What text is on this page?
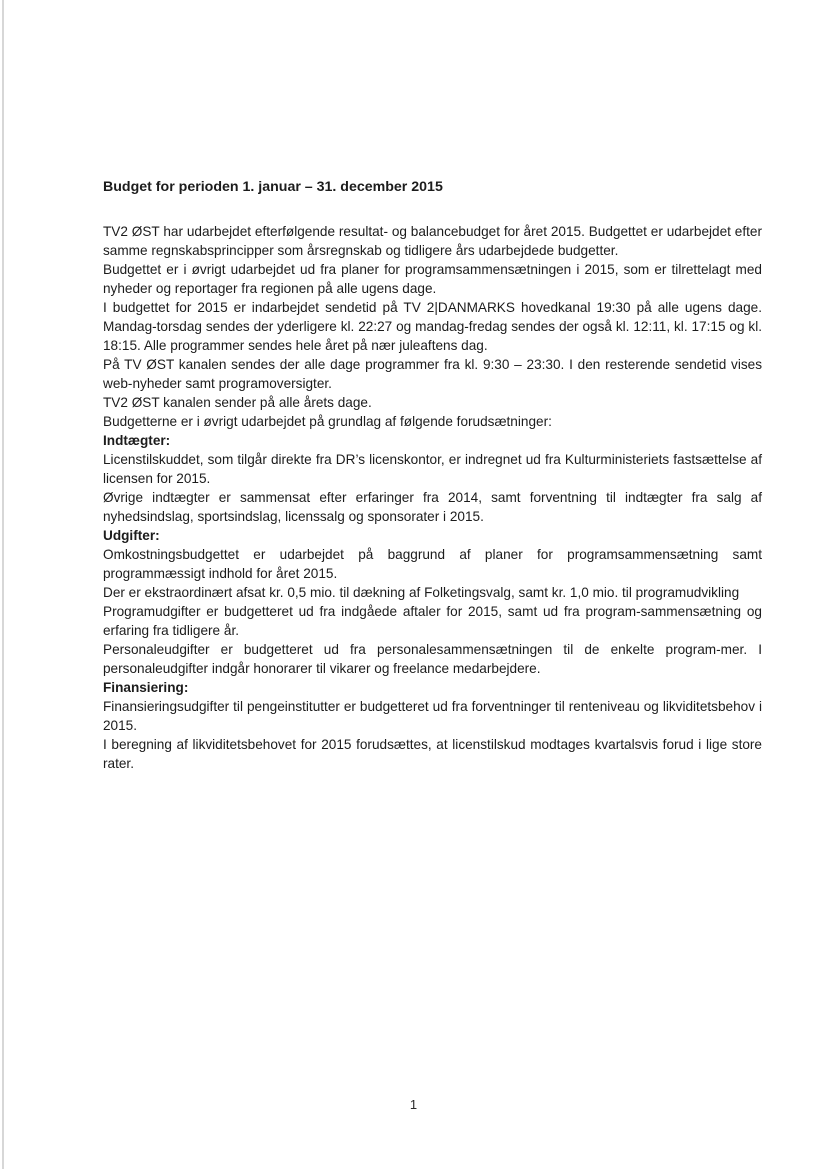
Budget for perioden 1. januar – 31. december 2015

TV2 ØST har udarbejdet efterfølgende resultat- og balancebudget for året 2015. Budgettet er udarbejdet efter samme regnskabsprincipper som årsregnskab og tidligere års udarbejdede budgetter.

Budgettet er i øvrigt udarbejdet ud fra planer for programsammensætningen i 2015, som er tilrettelagt med nyheder og reportager fra regionen på alle ugens dage.

I budgettet for 2015 er indarbejdet sendetid på TV 2|DANMARKS hovedkanal 19:30 på alle ugens dage. Mandag-torsdag sendes der yderligere kl. 22:27 og mandag-fredag sendes der også kl. 12:11, kl. 17:15 og kl. 18:15. Alle programmer sendes hele året på nær juleaftens dag.

På TV ØST kanalen sendes der alle dage programmer fra kl. 9:30 – 23:30. I den resterende sendetid vises web-nyheder samt programoversigter.

TV2 ØST kanalen sender på alle årets dage.

Budgetterne er i øvrigt udarbejdet på grundlag af følgende forudsætninger:

Indtægter:

Licenstilskuddet, som tilgår direkte fra DR’s licenskontor, er indregnet ud fra Kulturministeriets fastsættelse af licensen for 2015.

Øvrige indtægter er sammensat efter erfaringer fra 2014, samt forventning til indtægter fra salg af nyhedsindslag, sportsindslag, licenssalg og sponsorater i 2015.

Udgifter:

Omkostningsbudgettet er udarbejdet på baggrund af planer for programsammensætning samt programmæssigt indhold for året 2015.

Der er ekstraordinært afsat kr. 0,5 mio. til dækning af Folketingsvalg, samt kr. 1,0 mio. til programudvikling

Programudgifter er budgetteret ud fra indgåede aftaler for 2015, samt ud fra program-sammensætning og erfaring fra tidligere år.

Personaleudgifter er budgetteret ud fra personalesammensætningen til de enkelte program-mer. I personaleudgifter indgår honorarer til vikarer og freelance medarbejdere.

Finansiering:

Finansieringsudgifter til pengeinstitutter er budgetteret ud fra forventninger til renteniveau og likviditetsbehov i 2015.

I beregning af likviditetsbehovet for 2015 forudsættes, at licenstilskud modtages kvartalsvis forud i lige store rater.

1
